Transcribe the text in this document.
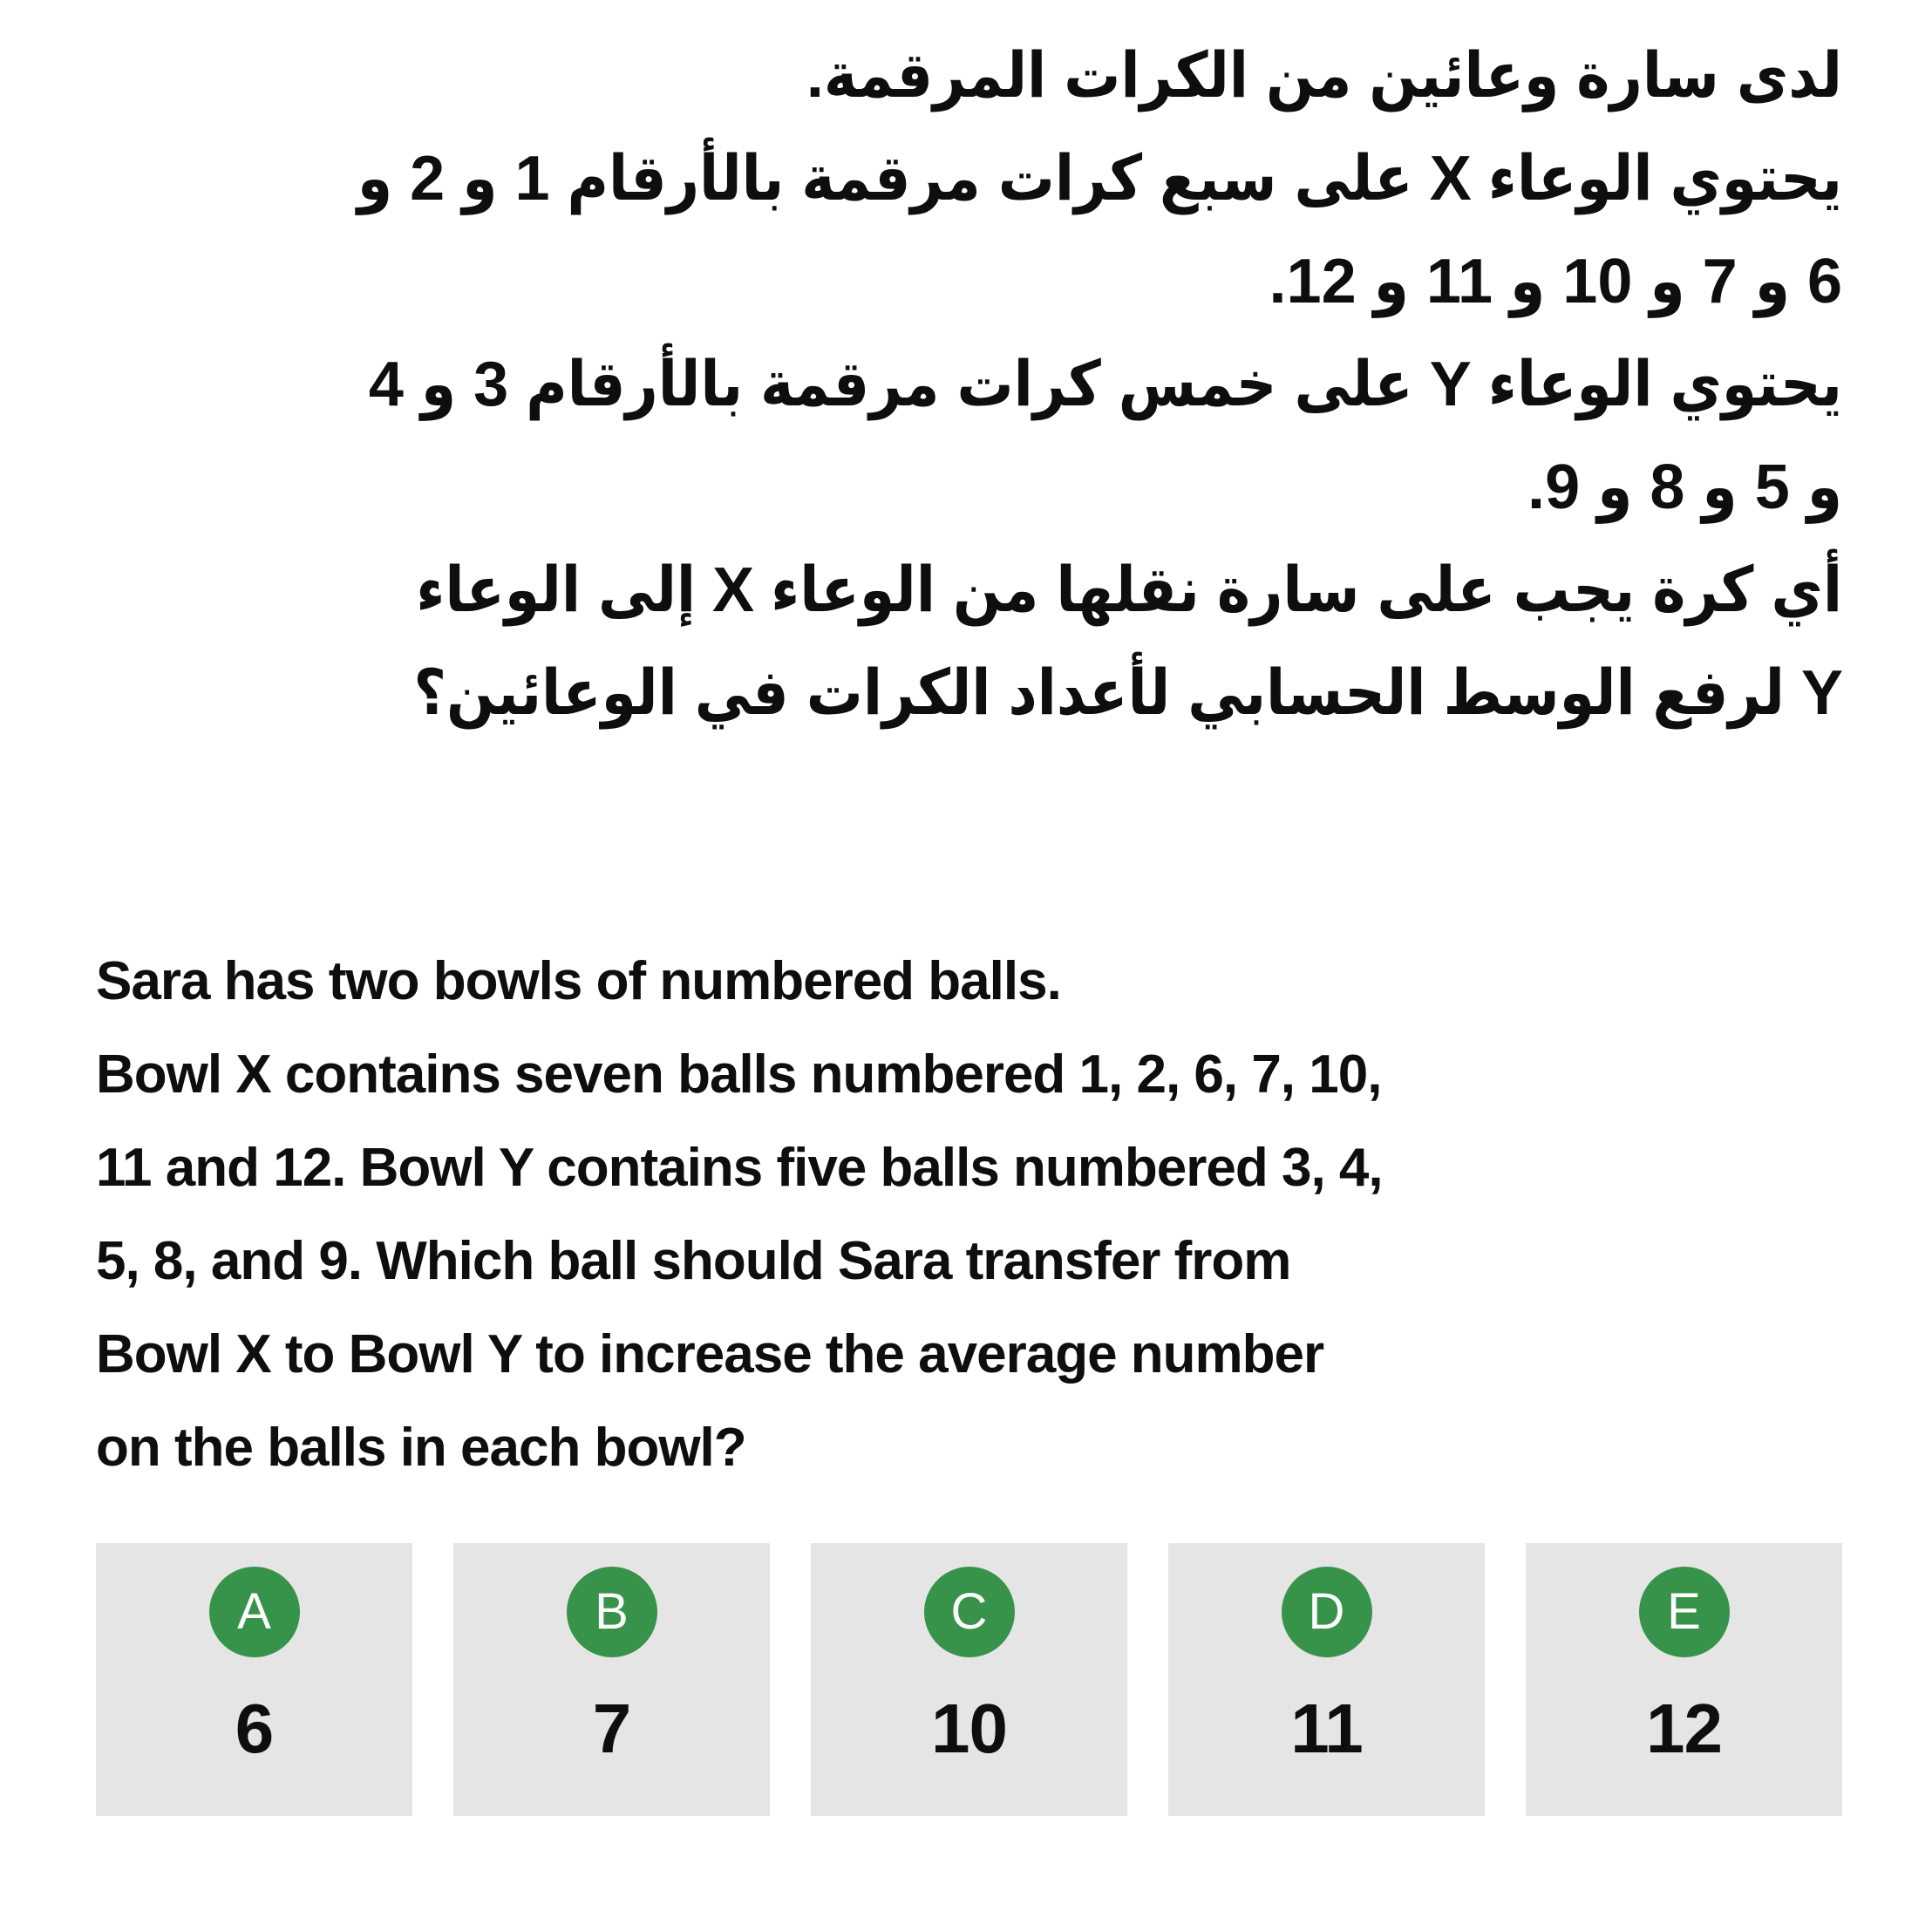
لدى سارة وعائين من الكرات المرقمة.
يحتوي الوعاء X على سبع كرات مرقمة بالأرقام 1 و 2 و
6 و 7 و 10 و 11 و 12.
يحتوي الوعاء Y على خمس كرات مرقمة بالأرقام 3 و 4
و 5 و 8 و 9.
أي كرة يجب على سارة نقلها من الوعاء X إلى الوعاء
Y لرفع الوسط الحسابي لأعداد الكرات في الوعائين؟
Sara has two bowls of numbered balls.
Bowl X contains seven balls numbered 1, 2, 6, 7, 10,
11 and 12. Bowl Y contains five balls numbered 3, 4,
5, 8, and 9. Which ball should Sara transfer from
Bowl X to Bowl Y to increase the average number
on the balls in each bowl?
A
6
B
7
C
10
D
11
E
12
